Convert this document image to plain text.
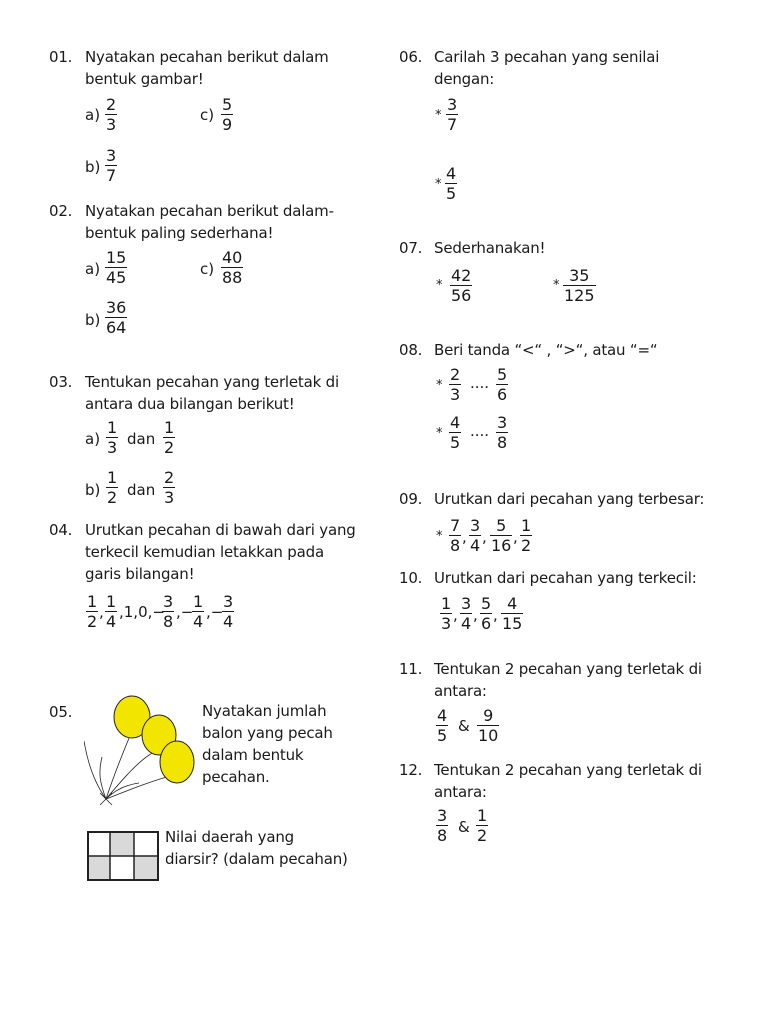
01. Nyatakan pecahan berikut dalam
bentuk gambar!
$a) \frac{2}{3}$	$c) \frac{5}{9}$
$b) \frac{3}{7}$
02. Nyatakan pecahan berikut dalam-
bentuk paling sederhana!
$a) \frac{15}{45}$	$c) \frac{40}{88}$
$b) \frac{36}{64}$
03. Tentukan pecahan yang terletak di
antara dua bilangan berikut!
$a) \frac{1}{3}$ dan $\frac{1}{2}$
$b) \frac{1}{2}$ dan $\frac{2}{3}$
04. Urutkan pecahan di bawah dari yang
terkecil kemudian letakkan pada
garis bilangan!
$\frac{1}{2}$ , $\frac{1}{4} ,1,0,-$
$\frac{3}{8}$ ,−
$\frac{1}{4}$ ,−
$\frac{3}{4}$
05.	Nyatakan jumlah
balon yang pecah
dalam bentuk
pecahan.
Nilai daerah yang
diarsir? (dalam pecahan)
06. Carilah 3 pecahan yang senilai
dengan:
* $\frac{3}{7}$
* $\frac{4}{5}$
07. Sederhanakan!
* $\frac{42}{56}$	* $\frac{35}{125}$
08. Beri tanda “<“ , “>“, atau “=“
* $\frac{2}{3}$ .... $\frac{5}{6}$
* $\frac{4}{5}$ .... $\frac{3}{8}$
09. Urutkan dari pecahan yang terbesar:
* $\frac{7}{8}$ , $\frac{3}{4}$ , $\frac{5}{16}$ , $\frac{1}{2}$
10. Urutkan dari pecahan yang terkecil:
$\frac{1}{3}$ , $\frac{3}{4}$ , $\frac{5}{6}$ , $\frac{4}{15}$
11. Tentukan 2 pecahan yang terletak di
antara:
$\frac{4}{5}$ & $\frac{9}{10}$
12. Tentukan 2 pecahan yang terletak di
antara:
$\frac{3}{8}$ & $\frac{1}{2}$
